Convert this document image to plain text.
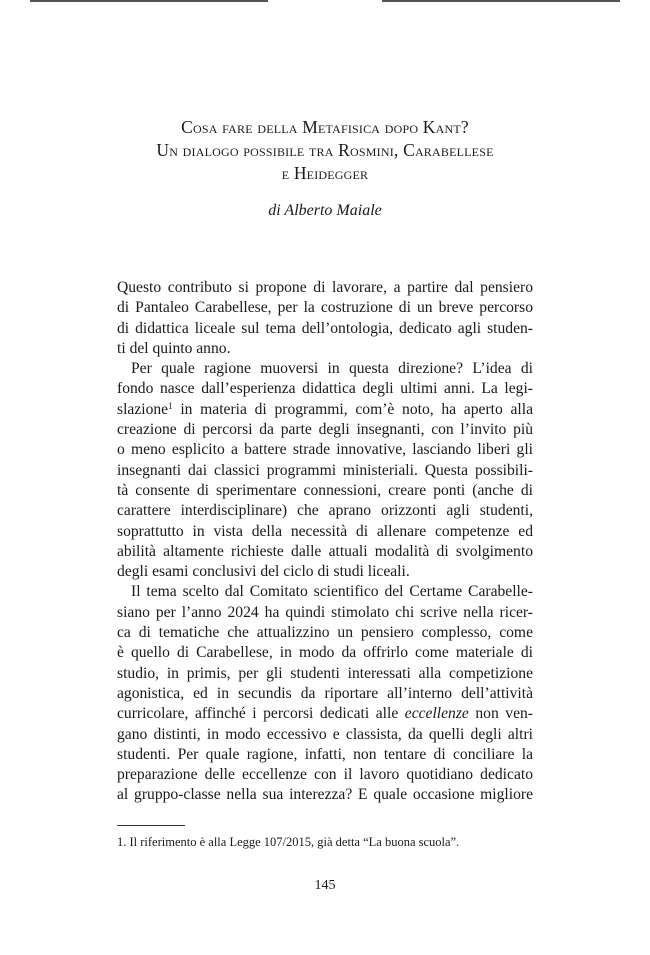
Cosa fare della Metafisica dopo Kant?
Un dialogo possibile tra Rosmini, Carabellese
e Heidegger
di Alberto Maiale
Questo contributo si propone di lavorare, a partire dal pensiero
di Pantaleo Carabellese, per la costruzione di un breve percorso
di didattica liceale sul tema dell’ontologia, dedicato agli studen-
ti del quinto anno.
Per quale ragione muoversi in questa direzione? L’idea di
fondo nasce dall’esperienza didattica degli ultimi anni. La legi-
slazione$^1$ in materia di programmi, com’è noto, ha aperto alla
creazione di percorsi da parte degli insegnanti, con l’invito più
o meno esplicito a battere strade innovative, lasciando liberi gli
insegnanti dai classici programmi ministeriali. Questa possibili-
tà consente di sperimentare connessioni, creare ponti (anche di
carattere interdisciplinare) che aprano orizzonti agli studenti,
soprattutto in vista della necessità di allenare competenze ed
abilità altamente richieste dalle attuali modalità di svolgimento
degli esami conclusivi del ciclo di studi liceali.
Il tema scelto dal Comitato scientifico del Certame Carabelle-
siano per l’anno 2024 ha quindi stimolato chi scrive nella ricer-
ca di tematiche che attualizzino un pensiero complesso, come
è quello di Carabellese, in modo da offrirlo come materiale di
studio, in primis, per gli studenti interessati alla competizione
agonistica, ed in secundis da riportare all’interno dell’attività
curricolare, affinché i percorsi dedicati alle eccellenze non ven-
gano distinti, in modo eccessivo e classista, da quelli degli altri
studenti. Per quale ragione, infatti, non tentare di conciliare la
preparazione delle eccellenze con il lavoro quotidiano dedicato
al gruppo-classe nella sua interezza? E quale occasione migliore
1. Il riferimento è alla Legge 107/2015, già detta “La buona scuola”.
145
